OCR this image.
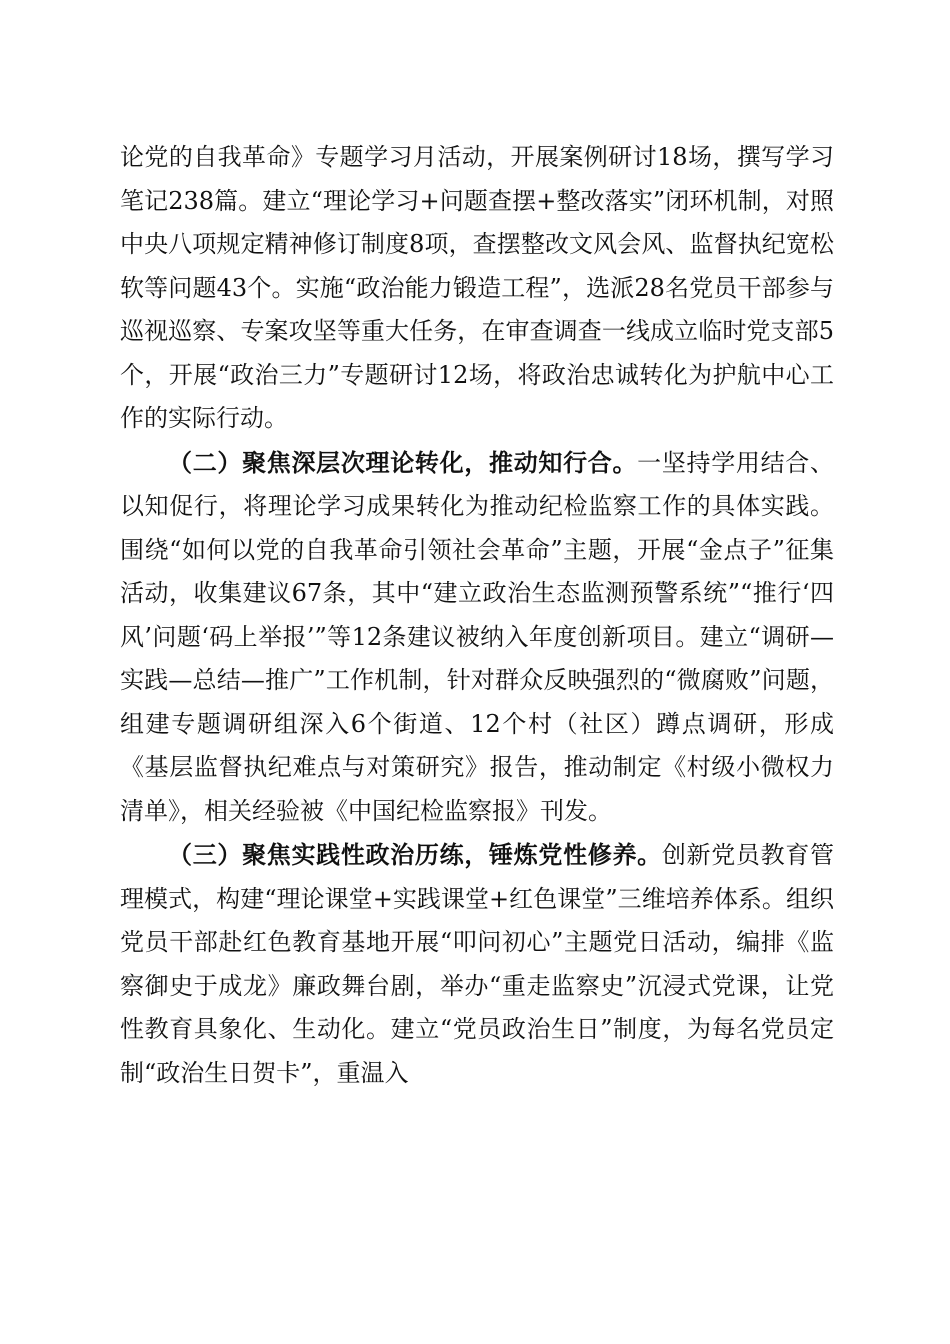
论党的自我革命》专题学习月活动，开展案例研讨18场，撰写学习笔记238篇。建立“理论学习+问题查摆+整改落实”闭环机制，对照中央八项规定精神修订制度8项，查摆整改文风会风、监督执纪宽松软等问题43个。实施“政治能力锻造工程”，选派28名党员干部参与巡视巡察、专案攻坚等重大任务，在审查调查一线成立临时党支部5个，开展“政治三力”专题研讨12场，将政治忠诚转化为护航中心工作的实际行动。

（二）聚焦深层次理论转化，推动知行合。一坚持学用结合、以知促行，将理论学习成果转化为推动纪检监察工作的具体实践。围绕“如何以党的自我革命引领社会革命”主题，开展“金点子”征集活动，收集建议67条，其中“建立政治生态监测预警系统”“推行‘四风’问题‘码上举报’”等12条建议被纳入年度创新项目。建立“调研—实践—总结—推广”工作机制，针对群众反映强烈的“微腐败”问题，组建专题调研组深入6个街道、12个村（社区）蹲点调研，形成《基层监督执纪难点与对策研究》报告，推动制定《村级小微权力清单》，相关经验被《中国纪检监察报》刊发。

（三）聚焦实践性政治历练，锤炼党性修养。创新党员教育管理模式，构建“理论课堂+实践课堂+红色课堂”三维培养体系。组织党员干部赴红色教育基地开展“叩问初心”主题党日活动，编排《监察御史于成龙》廉政舞台剧，举办“重走监察史”沉浸式党课，让党性教育具象化、生动化。建立“党员政治生日”制度，为每名党员定制“政治生日贺卡”，重温入
